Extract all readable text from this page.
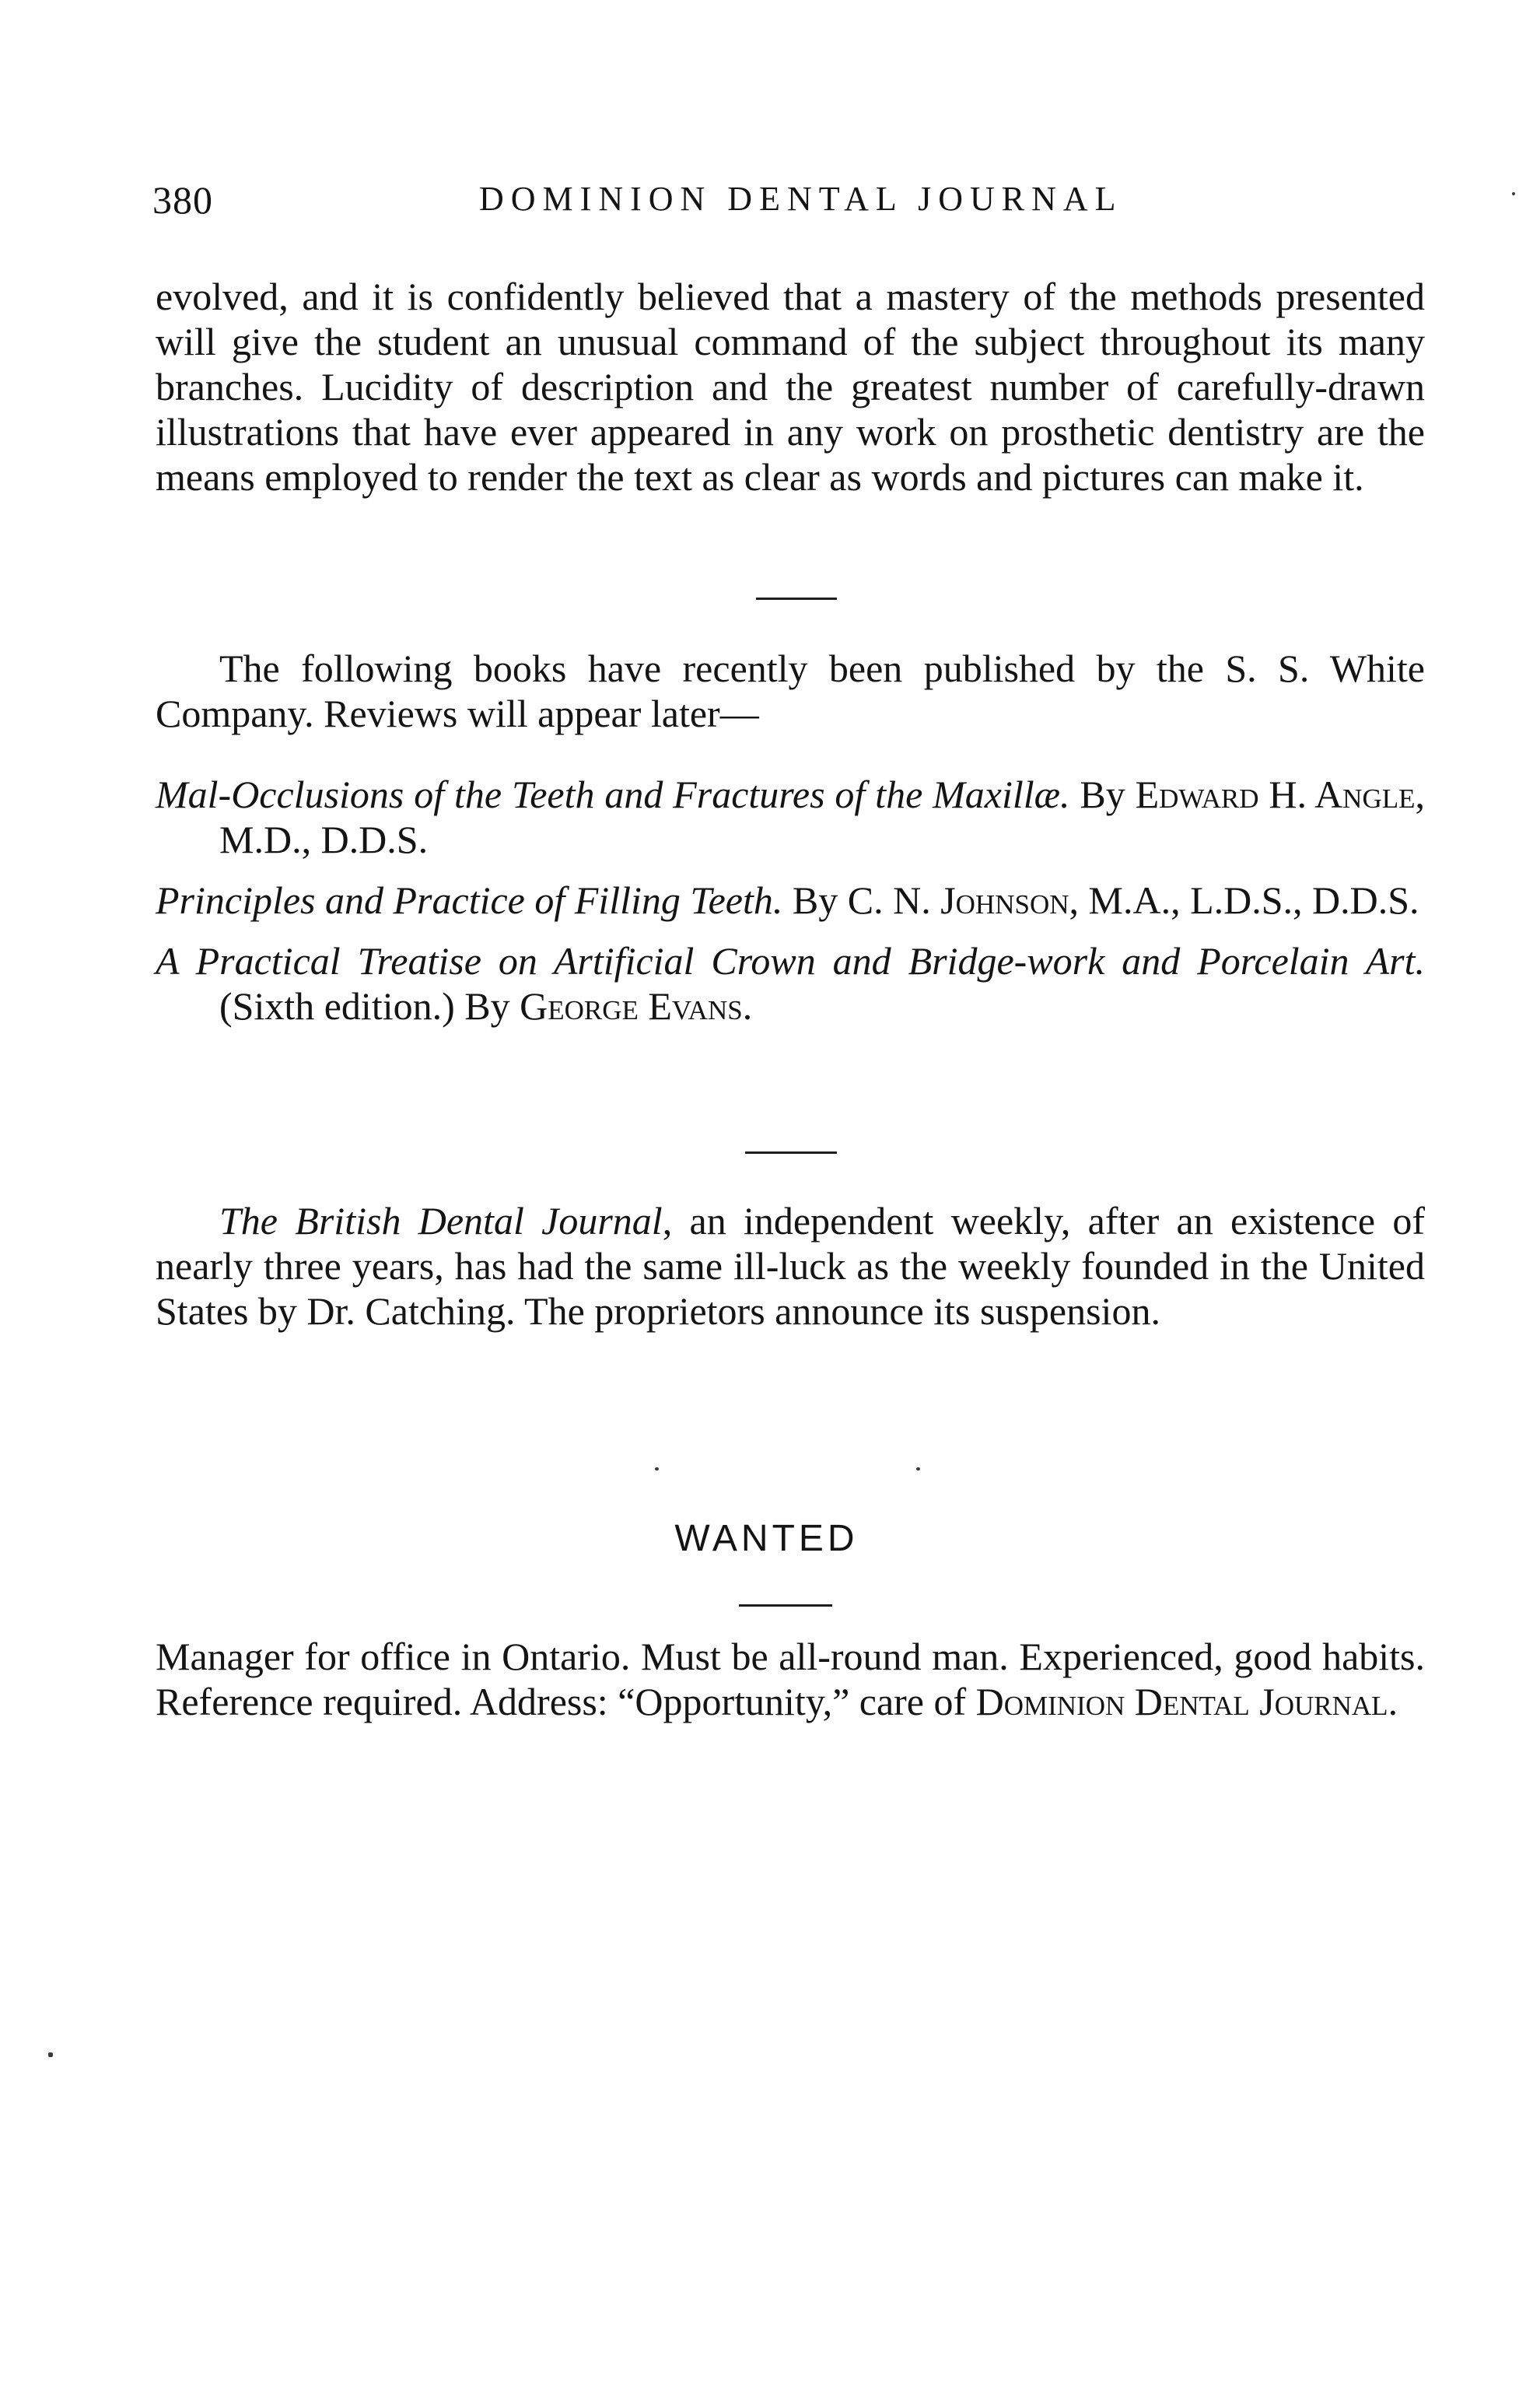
380	DOMINION DENTAL JOURNAL

evolved, and it is confidently believed that a mastery of the methods presented will give the student an unusual command of the subject throughout its many branches. Lucidity of description and the greatest number of carefully-drawn illustrations that have ever appeared in any work on prosthetic dentistry are the means employed to render the text as clear as words and pictures can make it.

The following books have recently been published by the S. S. White Company. Reviews will appear later—

Mal-Occlusions of the Teeth and Fractures of the Maxillæ. By Edward H. Angle, M.D., D.D.S.

Principles and Practice of Filling Teeth. By C. N. Johnson, M.A., L.D.S., D.D.S.

A Practical Treatise on Artificial Crown and Bridge-work and Porcelain Art. (Sixth edition.) By George Evans.

The British Dental Journal, an independent weekly, after an existence of nearly three years, has had the same ill-luck as the weekly founded in the United States by Dr. Catching. The proprietors announce its suspension.

WANTED

Manager for office in Ontario. Must be all-round man. Experienced, good habits. Reference required. Address: “Opportunity,” care of Dominion Dental Journal.
